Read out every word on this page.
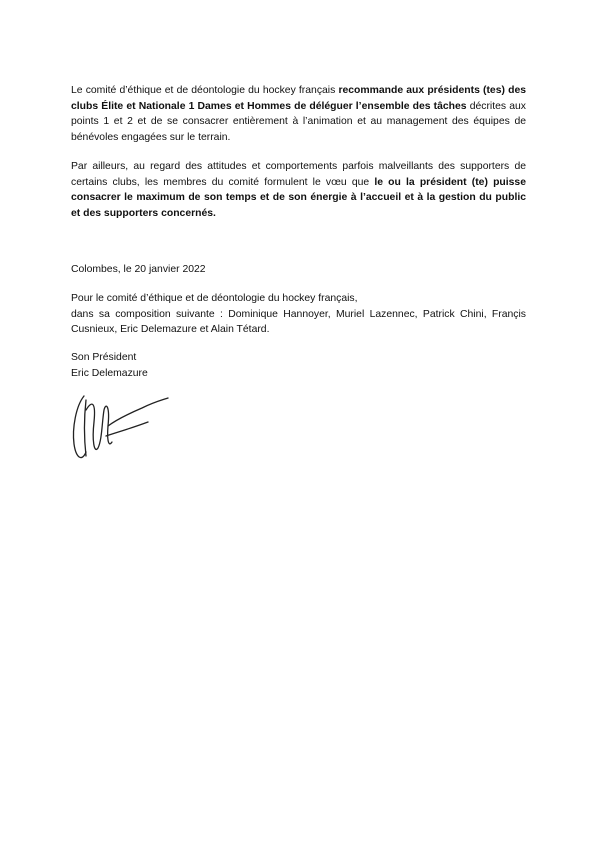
Le comité d’éthique et de déontologie du hockey français recommande aux présidents (tes) des clubs Élite et Nationale 1 Dames et Hommes de déléguer l’ensemble des tâches décrites aux points 1 et 2 et de se consacrer entièrement à l’animation et au management des équipes de bénévoles engagées sur le terrain.

Par ailleurs, au regard des attitudes et comportements parfois malveillants des supporters de certains clubs, les membres du comité formulent le vœu que le ou la président (te) puisse consacrer le maximum de son temps et de son énergie à l’accueil et à la gestion du public et des supporters concernés.

Colombes, le 20 janvier 2022

Pour le comité d’éthique et de déontologie du hockey français,
dans sa composition suivante : Dominique Hannoyer, Muriel Lazennec, Patrick Chini, Françis Cusnieux, Eric Delemazure et Alain Tétard.

Son Président

Eric Delemazure
